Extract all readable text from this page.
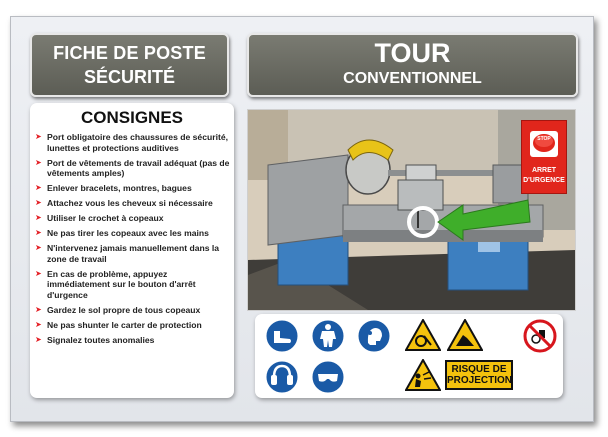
FICHE DE POSTE
SÉCURITÉ
TOUR
CONVENTIONNEL
CONSIGNES
➤ Port obligatoire des chaussures de sécurité, lunettes et protections auditives
➤ Port de vêtements de travail adéquat (pas de vêtements amples)
➤ Enlever bracelets, montres, bagues
➤ Attachez vous les cheveux si nécessaire
➤ Utiliser le crochet à copeaux
➤ Ne pas tirer les copeaux avec les mains
➤ N'intervenez jamais manuellement dans la zone de travail
➤ En cas de problème, appuyez immédiatement sur le bouton d'arrêt d'urgence
➤ Gardez le sol propre de tous copeaux
➤ Ne pas shunter le carter de protection
➤ Signalez toutes anomalies
STOP
ARRET
D'URGENCE
RISQUE DE
PROJECTION
